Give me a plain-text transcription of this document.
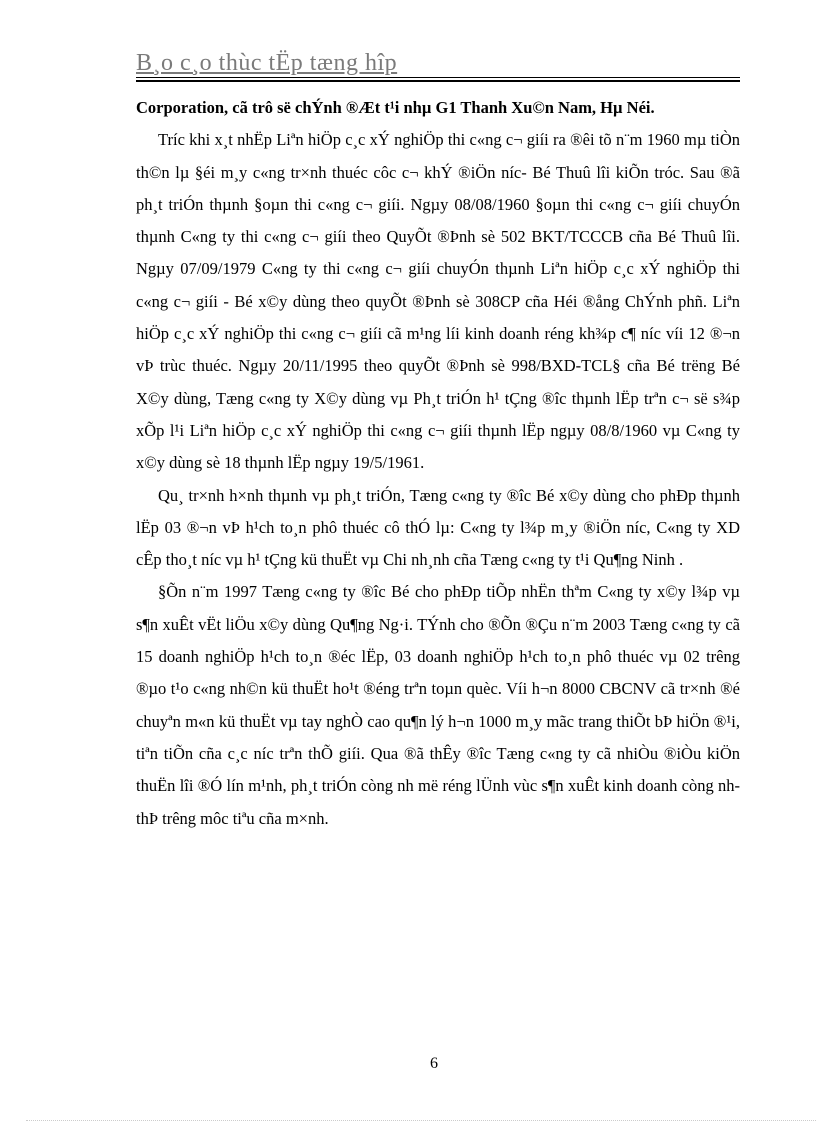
B¸o c¸o thùc tËp tæng hîp

Corporation, cã trô së chÝnh ®Æt t¹i nhµ G1 Thanh Xu©n Nam, Hµ Néi.

Tríc khi x¸t nhËp Liªn hiÖp c¸c xÝ nghiÖp thi c«ng c¬ giíi ra ®êi tõ n¨m 1960 mµ tiÒn th©n lµ §éi m¸y c«ng tr×nh thuéc côc c¬ khÝ ®iÖn níc- Bé Thuû lîi kiÕn tróc. Sau ®ã ph¸t triÓn thµnh §oµn thi c«ng c¬ giíi. Ngµy 08/08/1960 §oµn thi c«ng c¬ giíi chuyÓn thµnh C«ng ty thi c«ng c¬ giíi theo QuyÕt ®Þnh sè 502 BKT/TCCCB cña Bé Thuû lîi. Ngµy 07/09/1979 C«ng ty thi c«ng c¬ giíi chuyÓn thµnh Liªn hiÖp c¸c xÝ nghiÖp thi c«ng c¬ giíi - Bé x©y dùng theo quyÕt ®Þnh sè 308CP cña Héi ®ång ChÝnh phñ. Liªn hiÖp c¸c xÝ nghiÖp thi c«ng c¬ giíi cã m¹ng líi kinh doanh réng kh¾p c¶ níc víi 12 ®¬n vÞ trùc thuéc. Ngµy 20/11/1995 theo quyÕt ®Þnh sè 998/BXD-TCL§ cña Bé trëng Bé X©y dùng, Tæng c«ng ty X©y dùng vµ Ph¸t triÓn h¹ tÇng ®îc thµnh lËp trªn c¬ së s¾p xÕp l¹i Liªn hiÖp c¸c xÝ nghiÖp thi c«ng c¬ giíi thµnh lËp ngµy 08/8/1960 vµ C«ng ty x©y dùng sè 18 thµnh lËp ngµy 19/5/1961.

Qu¸ tr×nh h×nh thµnh vµ ph¸t triÓn, Tæng c«ng ty ®îc Bé x©y dùng cho phÐp thµnh lËp 03 ®¬n vÞ h¹ch to¸n phô thuéc cô thÓ lµ: C«ng ty l¾p m¸y ®iÖn níc, C«ng ty XD cÊp tho¸t níc vµ h¹ tÇng kü thuËt vµ Chi nh¸nh cña Tæng c«ng ty t¹i Qu¶ng Ninh .

§Õn n¨m 1997 Tæng c«ng ty ®îc Bé cho phÐp tiÕp nhËn thªm C«ng ty x©y l¾p vµ s¶n xuÊt vËt liÖu x©y dùng Qu¶ng Ng·i. TÝnh cho ®Õn ®Çu n¨m 2003 Tæng c«ng ty cã 15 doanh nghiÖp h¹ch to¸n ®éc lËp, 03 doanh nghiÖp h¹ch to¸n phô thuéc vµ 02 trêng ®µo t¹o c«ng nh©n kü thuËt ho¹t ®éng trªn toµn quèc. Víi h¬n 8000 CBCNV cã tr×nh ®é chuyªn m«n kü thuËt vµ tay nghÒ cao qu¶n lý h¬n 1000 m¸y mãc trang thiÕt bÞ hiÖn ®¹i, tiªn tiÕn cña c¸c níc trªn thÕ giíi. Qua ®ã thÊy ®îc Tæng c«ng ty cã nhiÒu ®iÒu kiÖn thuËn lîi ®Ó lín m¹nh, ph¸t triÓn còng nh më réng lÜnh vùc s¶n xuÊt kinh doanh còng nh thÞ trêng môc tiªu cña m×nh.

6
